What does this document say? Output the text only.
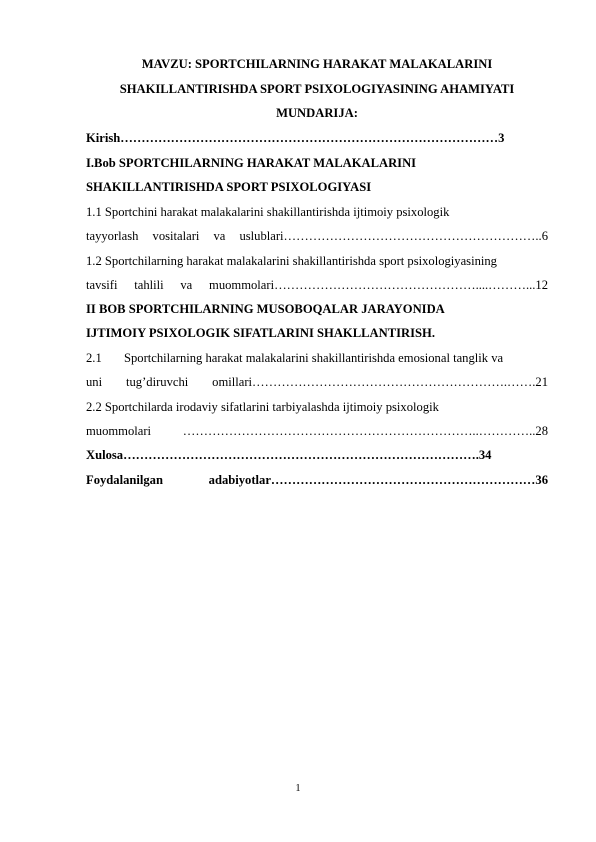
MAVZU: SPORTCHILARNING HARAKAT MALAKALARINI
SHAKILLANTIRISHDA SPORT PSIXOLOGIYASINING AHAMIYATI
MUNDARIJA:
Kirish………………………………………………………………………………3
I.Bob SPORTCHILARNING HARAKAT MALAKALARINI
SHAKILLANTIRISHDA SPORT PSIXOLOGIYASI
1.1 Sportchini harakat malakalarini shakillantirishda ijtimoiy psixologik
tayyorlash vositalari va uslublari……………………………………………………..6
1.2 Sportchilarning harakat malakalarini shakillantirishda sport psixologiyasining
tavsifi tahlili va muommolari…………………………………………....………...12
II BOB SPORTCHILARNING MUSOBOQALAR JARAYONIDA
IJTIMOIY PSIXOLOGIK SIFATLARINI SHAKLLANTIRISH.
2.1 Sportchilarning harakat malakalarini shakillantirishda emosional tanglik va
uni tug’diruvchi omillari…………………………………………………….…….21
2.2 Sportchilarda irodaviy sifatlarini tarbiyalashda ijtimoiy psixologik
muommolari ……………………………………………………………..…………..28
Xulosa………………………………………………………………………….34
Foydalanilgan adabiyotlar………………………………………………………36
1
